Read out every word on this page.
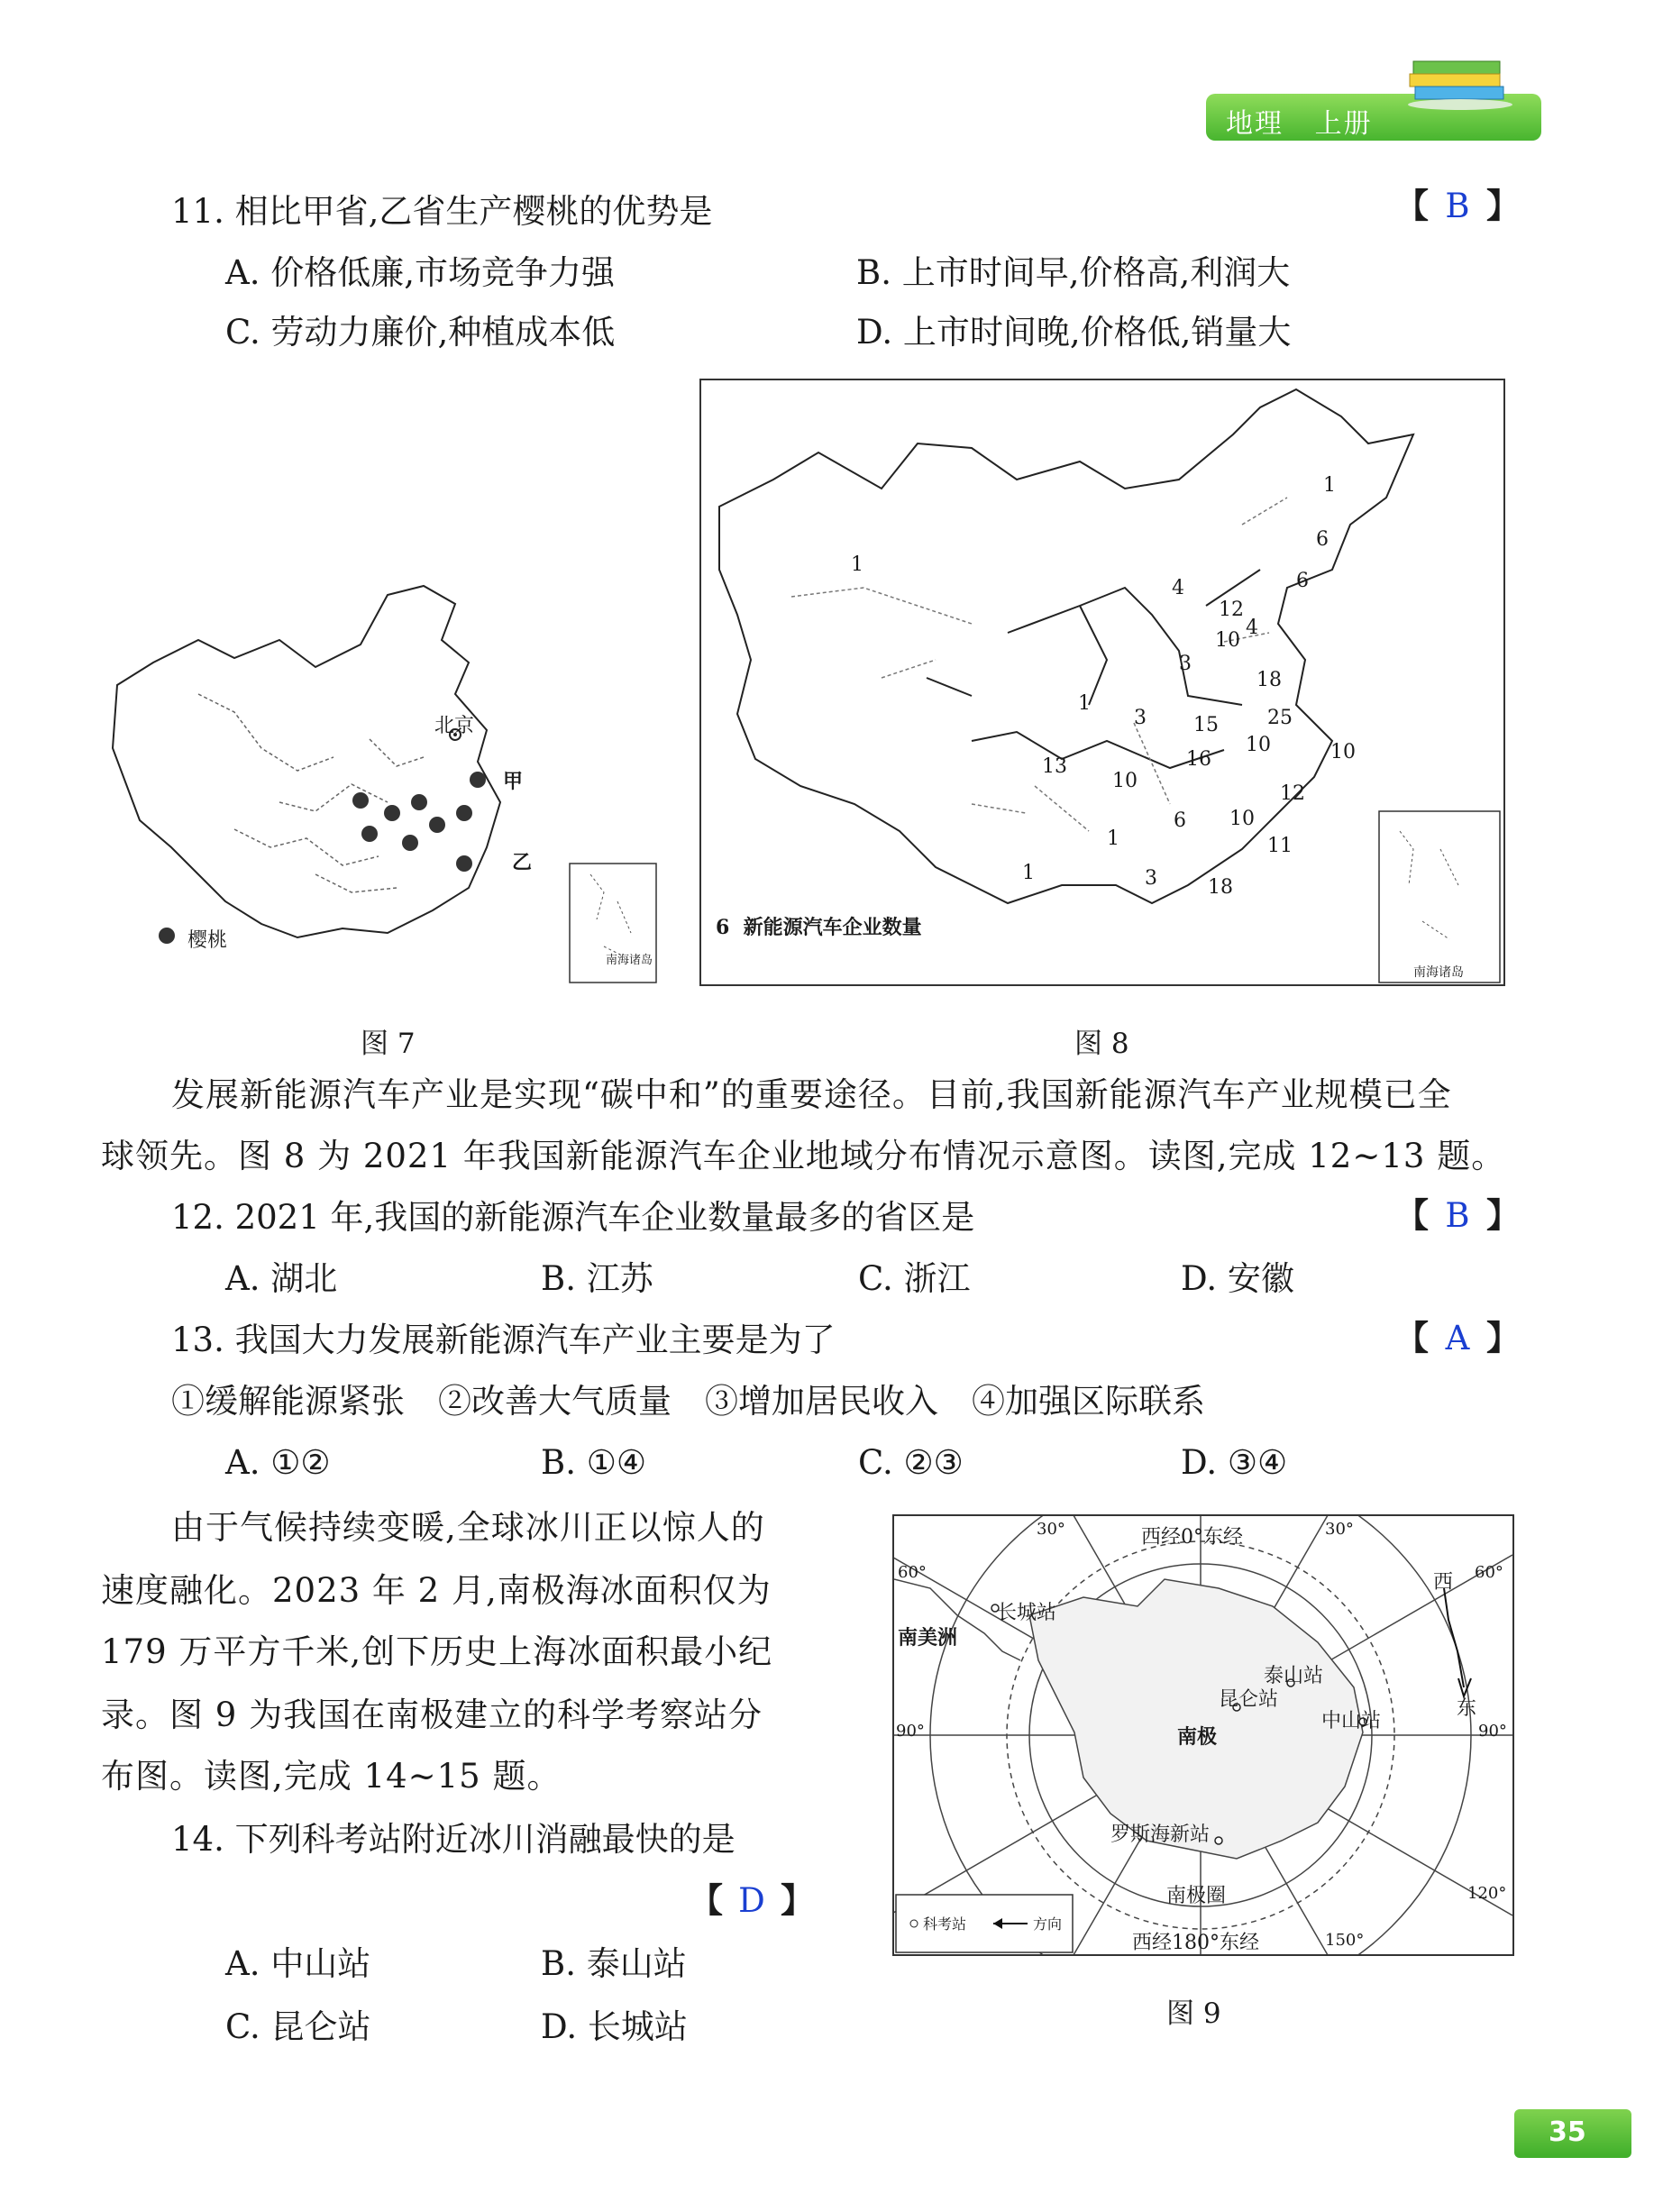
地理 上册
11. 相比甲省,乙省生产樱桃的优势是	【 B 】
A. 价格低廉,市场竞争力强	B. 上市时间早,价格高,利润大
C. 劳动力廉价,种植成本低	D. 上市时间晚,价格低,销量大
北京
甲
乙
樱桃
南海诸岛
图 7
1
1
6
6
4
12
10
4
3
18
1
3 15 25
10	10
13
10
16
6 10
12
1	11
1	3	18
6 新能源汽车企业数量
南海诸岛
图 8
发展新能源汽车产业是实现“碳中和”的重要途径。目前,我国新能源汽车产业规模已全
球领先。图 8 为 2021 年我国新能源汽车企业地域分布情况示意图。读图,完成 12~13 题。
12. 2021 年,我国的新能源汽车企业数量最多的省区是	【 B 】
A. 湖北	B. 江苏	C. 浙江	D. 安徽
13. 我国大力发展新能源汽车产业主要是为了	【 A 】
①缓解能源紧张　②改善大气质量　③增加居民收入　④加强区际联系
A. ①②	B. ①④	C. ②③	D. ③④
由于气候持续变暖,全球冰川正以惊人的
速度融化。2023 年 2 月,南极海冰面积仅为
179 万平方千米,创下历史上海冰面积最小纪
录。图 9 为我国在南极建立的科学考察站分
布图。读图,完成 14~15 题。
14. 下列科考站附近冰川消融最快的是
【 D 】
A. 中山站	B. 泰山站
C. 昆仑站	D. 长城站
西经0°东经
西经180°东经
30°	30°
60°	60°
90°	90°
120°
150°
南美洲
长城站
泰山站
昆仑站
中山站
罗斯海新站
南极
南极圈
西
东
科考站	方向
图 9
35
